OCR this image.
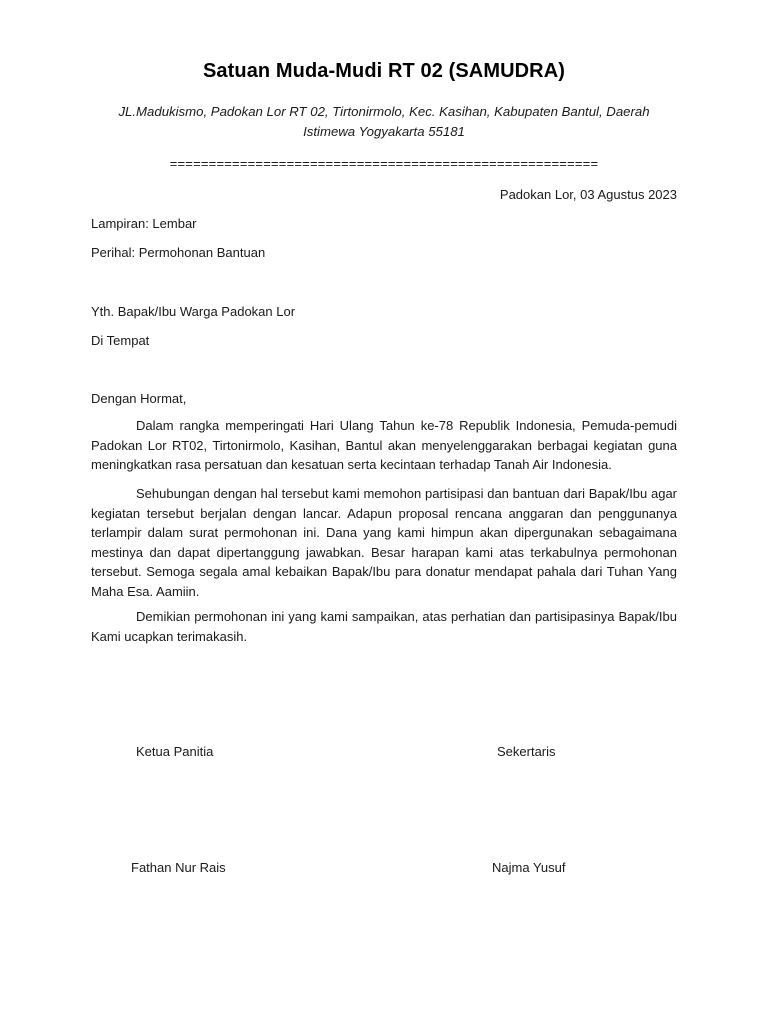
Satuan Muda-Mudi RT 02 (SAMUDRA)

JL.Madukismo, Padokan Lor RT 02, Tirtonirmolo, Kec. Kasihan, Kabupaten Bantul, Daerah Istimewa Yogyakarta 55181

=======================================================
Padokan Lor, 03 Agustus 2023
Lampiran: Lembar
Perihal: Permohonan Bantuan
Yth. Bapak/Ibu Warga Padokan Lor
Di Tempat
Dengan Hormat,

Dalam rangka memperingati Hari Ulang Tahun ke-78 Republik Indonesia, Pemuda-pemudi Padokan Lor RT02, Tirtonirmolo, Kasihan, Bantul akan menyelenggarakan berbagai kegiatan guna meningkatkan rasa persatuan dan kesatuan serta kecintaan terhadap Tanah Air Indonesia.

Sehubungan dengan hal tersebut kami memohon partisipasi dan bantuan dari Bapak/Ibu agar kegiatan tersebut berjalan dengan lancar. Adapun proposal rencana anggaran dan penggunanya terlampir dalam surat permohonan ini. Dana yang kami himpun akan dipergunakan sebagaimana mestinya dan dapat dipertanggung jawabkan. Besar harapan kami atas terkabulnya permohonan tersebut. Semoga segala amal kebaikan Bapak/Ibu para donatur mendapat pahala dari Tuhan Yang Maha Esa. Aamiin.

Demikian permohonan ini yang kami sampaikan, atas perhatian dan partisipasinya Bapak/Ibu Kami ucapkan terimakasih.

Ketua Panitia	Sekertaris
Fathan Nur Rais	Najma Yusuf
